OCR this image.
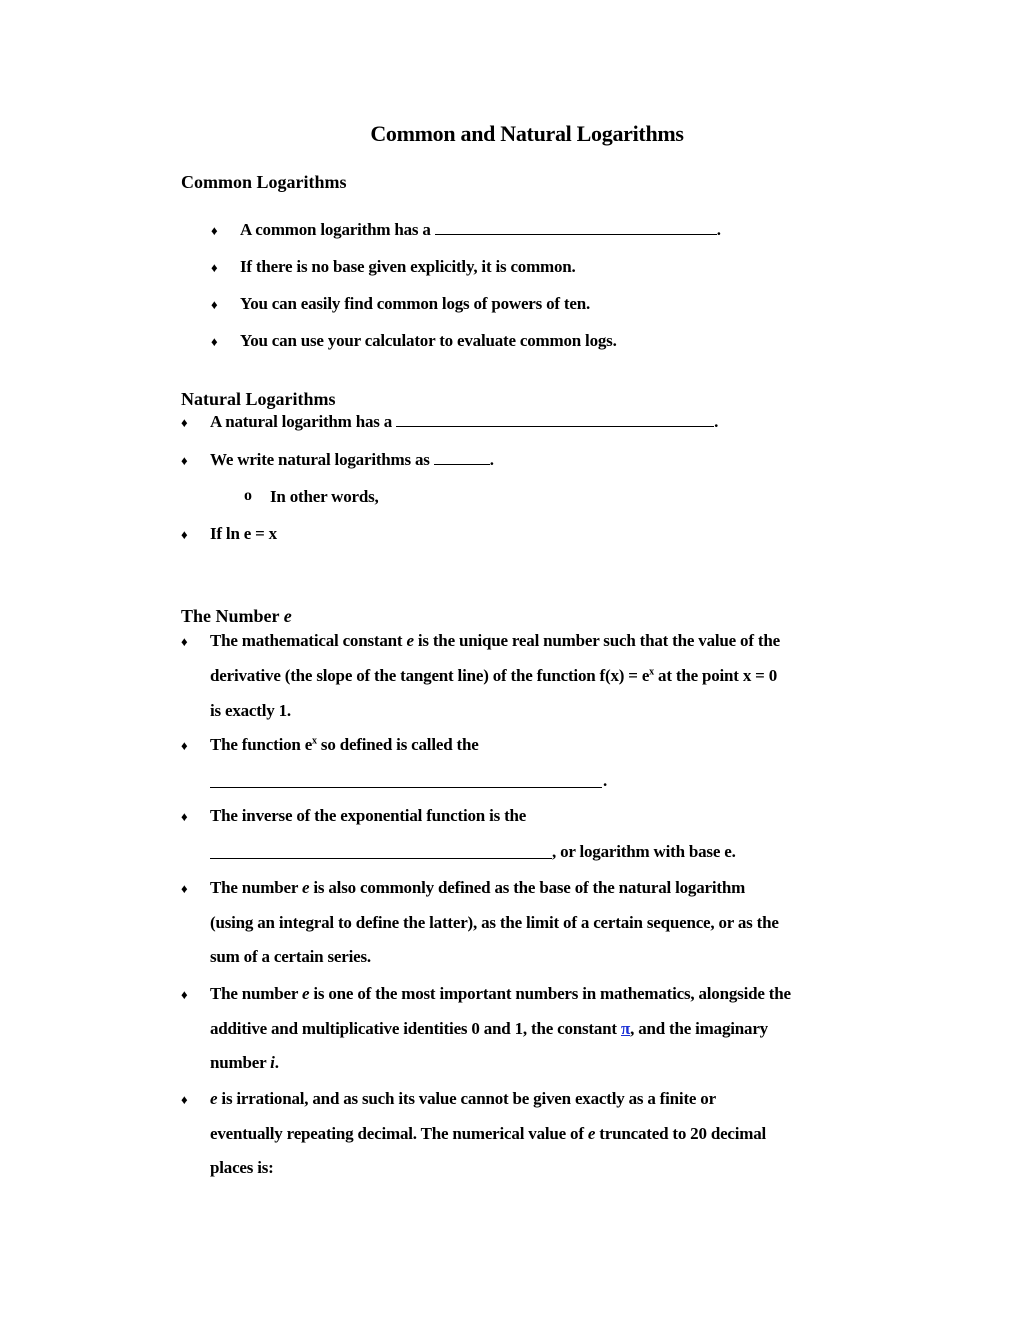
Common and Natural Logarithms
Common Logarithms
♦ A common logarithm has a	.
♦ If there is no base given explicitly, it is common.
♦ You can easily find common logs of powers of ten.
♦ You can use your calculator to evaluate common logs.
Natural Logarithms
♦ A natural logarithm has a	.
♦ We write natural logarithms as	.
o In other words,
♦ If ln e = x
The Number e
♦ The mathematical constant e is the unique real number such that the value of the
derivative (the slope of the tangent line) of the function $f(x) = e^x$ at the point x = 0
is exactly 1.
♦ The function $e^x$ so defined is called the
.
♦ The inverse of the exponential function is the
, or logarithm with base e.
♦ The number e is also commonly defined as the base of the natural logarithm
(using an integral to define the latter), as the limit of a certain sequence, or as the
sum of a certain series.
♦ The number e is one of the most important numbers in mathematics, alongside the
additive and multiplicative identities 0 and 1, the constant π, and the imaginary
number i.
♦ e is irrational, and as such its value cannot be given exactly as a finite or
eventually repeating decimal. The numerical value of e truncated to 20 decimal
places is:
